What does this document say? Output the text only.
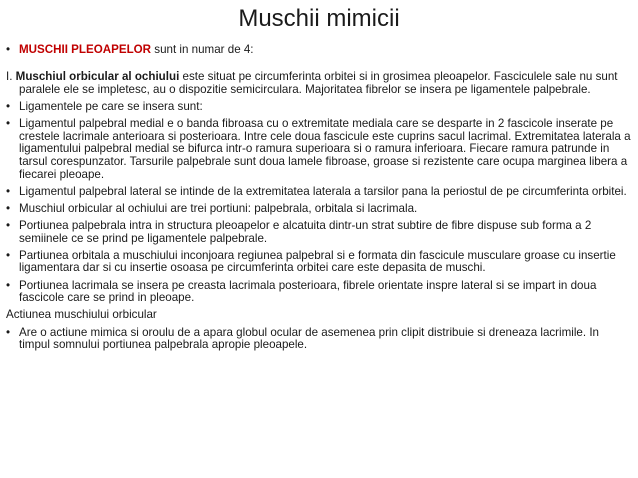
Muschii mimicii
• MUSCHII PLEOAPELOR sunt in numar de 4:
I. Muschiul orbicular al ochiului este situat pe circumferinta orbitei si in grosimea pleoapelor. Fasciculele sale nu sunt paralele ele se impletesc, au o dispozitie semicirculara. Majoritatea fibrelor se insera pe ligamentele palpebrale.
• Ligamentele pe care se insera sunt:
• Ligamentul palpebral medial e o banda fibroasa cu o extremitate mediala care se desparte in 2 fascicole inserate pe crestele lacrimale anterioara si posterioara. Intre cele doua fascicule este cuprins sacul lacrimal. Extremitatea laterala a ligamentului palpebral medial se bifurca intr-o ramura superioara si o ramura inferioara. Fiecare ramura patrunde in tarsul corespunzator. Tarsurile palpebrale sunt doua lamele fibroase, groase si rezistente care ocupa marginea libera a fiecarei pleoape.
• Ligamentul palpebral lateral se intinde de la extremitatea laterala a tarsilor pana la periostul de pe circumferinta orbitei.
• Muschiul orbicular al ochiului are trei portiuni: palpebrala, orbitala si lacrimala.
• Portiunea palpebrala intra in structura pleoapelor e alcatuita dintr-un strat subtire de fibre dispuse sub forma a 2 semiinele ce se prind pe ligamentele palpebrale.
• Partiunea orbitala a muschiului inconjoara regiunea palpebral si e formata din fascicule musculare groase cu insertie ligamentara dar si cu insertie osoasa pe circumferinta orbitei care este depasita de muschi.
• Portiunea lacrimala se insera pe creasta lacrimala posterioara, fibrele orientate inspre lateral si se impart in doua fascicole care se prind in pleoape.
Actiunea muschiului orbicular
• Are o actiune mimica si oroulu de a apara globul ocular de asemenea prin clipit distribuie si dreneaza lacrimile. In timpul somnului portiunea palpebrala apropie pleoapele.
